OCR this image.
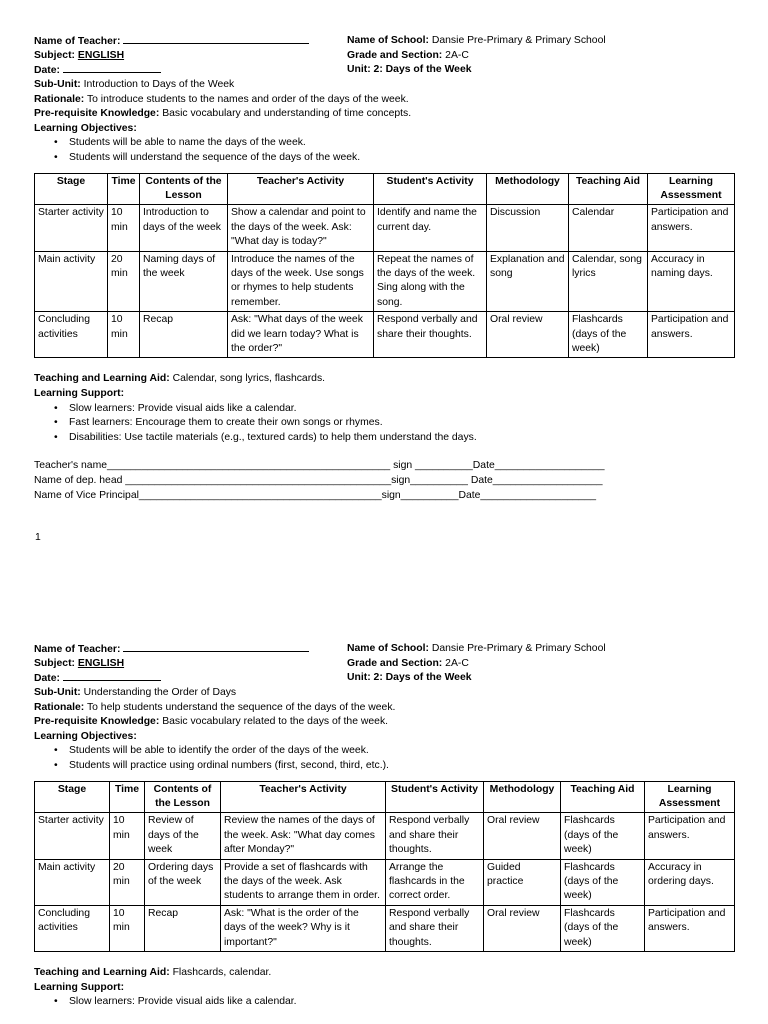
Name of Teacher:
Subject: ENGLISH
Date:
Name of School: Dansie Pre-Primary & Primary School
Grade and Section: 2A-C
Unit: 2: Days of the Week
Sub-Unit: Introduction to Days of the Week
Rationale: To introduce students to the names and order of the days of the week.
Pre-requisite Knowledge: Basic vocabulary and understanding of time concepts.
Learning Objectives:
• Students will be able to name the days of the week.
• Students will understand the sequence of the days of the week.
Stage	Time	Contents of the Lesson	Teacher's Activity	Student's Activity	Methodology	Teaching Aid	Learning Assessment
Starter activity	10 min	Introduction to days of the week	Show a calendar and point to the days of the week. Ask: "What day is today?"	Identify and name the current day.	Discussion	Calendar	Participation and answers.
Main activity	20 min	Naming days of the week	Introduce the names of the days of the week. Use songs or rhymes to help students remember.	Repeat the names of the days of the week. Sing along with the song.	Explanation and song	Calendar, song lyrics	Accuracy in naming days.
Concluding activities	10 min	Recap	Ask: "What days of the week did we learn today? What is the order?"	Respond verbally and share their thoughts.	Oral review	Flashcards (days of the week)	Participation and answers.
Teaching and Learning Aid: Calendar, song lyrics, flashcards.
Learning Support:
• Slow learners: Provide visual aids like a calendar.
• Fast learners: Encourage them to create their own songs or rhymes.
• Disabilities: Use tactile materials (e.g., textured cards) to help them understand the days.
Teacher's name_________________________________________________ sign __________Date___________________
Name of dep. head ______________________________________________sign__________ Date___________________
Name of Vice Principal__________________________________________sign__________Date____________________
1
Name of Teacher:
Subject: ENGLISH
Date:
Name of School: Dansie Pre-Primary & Primary School
Grade and Section: 2A-C
Unit: 2: Days of the Week
Sub-Unit: Understanding the Order of Days
Rationale: To help students understand the sequence of the days of the week.
Pre-requisite Knowledge: Basic vocabulary related to the days of the week.
Learning Objectives:
• Students will be able to identify the order of the days of the week.
• Students will practice using ordinal numbers (first, second, third, etc.).
Stage	Time	Contents of the Lesson	Teacher's Activity	Student's Activity	Methodology	Teaching Aid	Learning Assessment
Starter activity	10 min	Review of days of the week	Review the names of the days of the week. Ask: "What day comes after Monday?"	Respond verbally and share their thoughts.	Oral review	Flashcards (days of the week)	Participation and answers.
Main activity	20 min	Ordering days of the week	Provide a set of flashcards with the days of the week. Ask students to arrange them in order.	Arrange the flashcards in the correct order.	Guided practice	Flashcards (days of the week)	Accuracy in ordering days.
Concluding activities	10 min	Recap	Ask: "What is the order of the days of the week? Why is it important?"	Respond verbally and share their thoughts.	Oral review	Flashcards (days of the week)	Participation and answers.
Teaching and Learning Aid: Flashcards, calendar.
Learning Support:
• Slow learners: Provide visual aids like a calendar.
